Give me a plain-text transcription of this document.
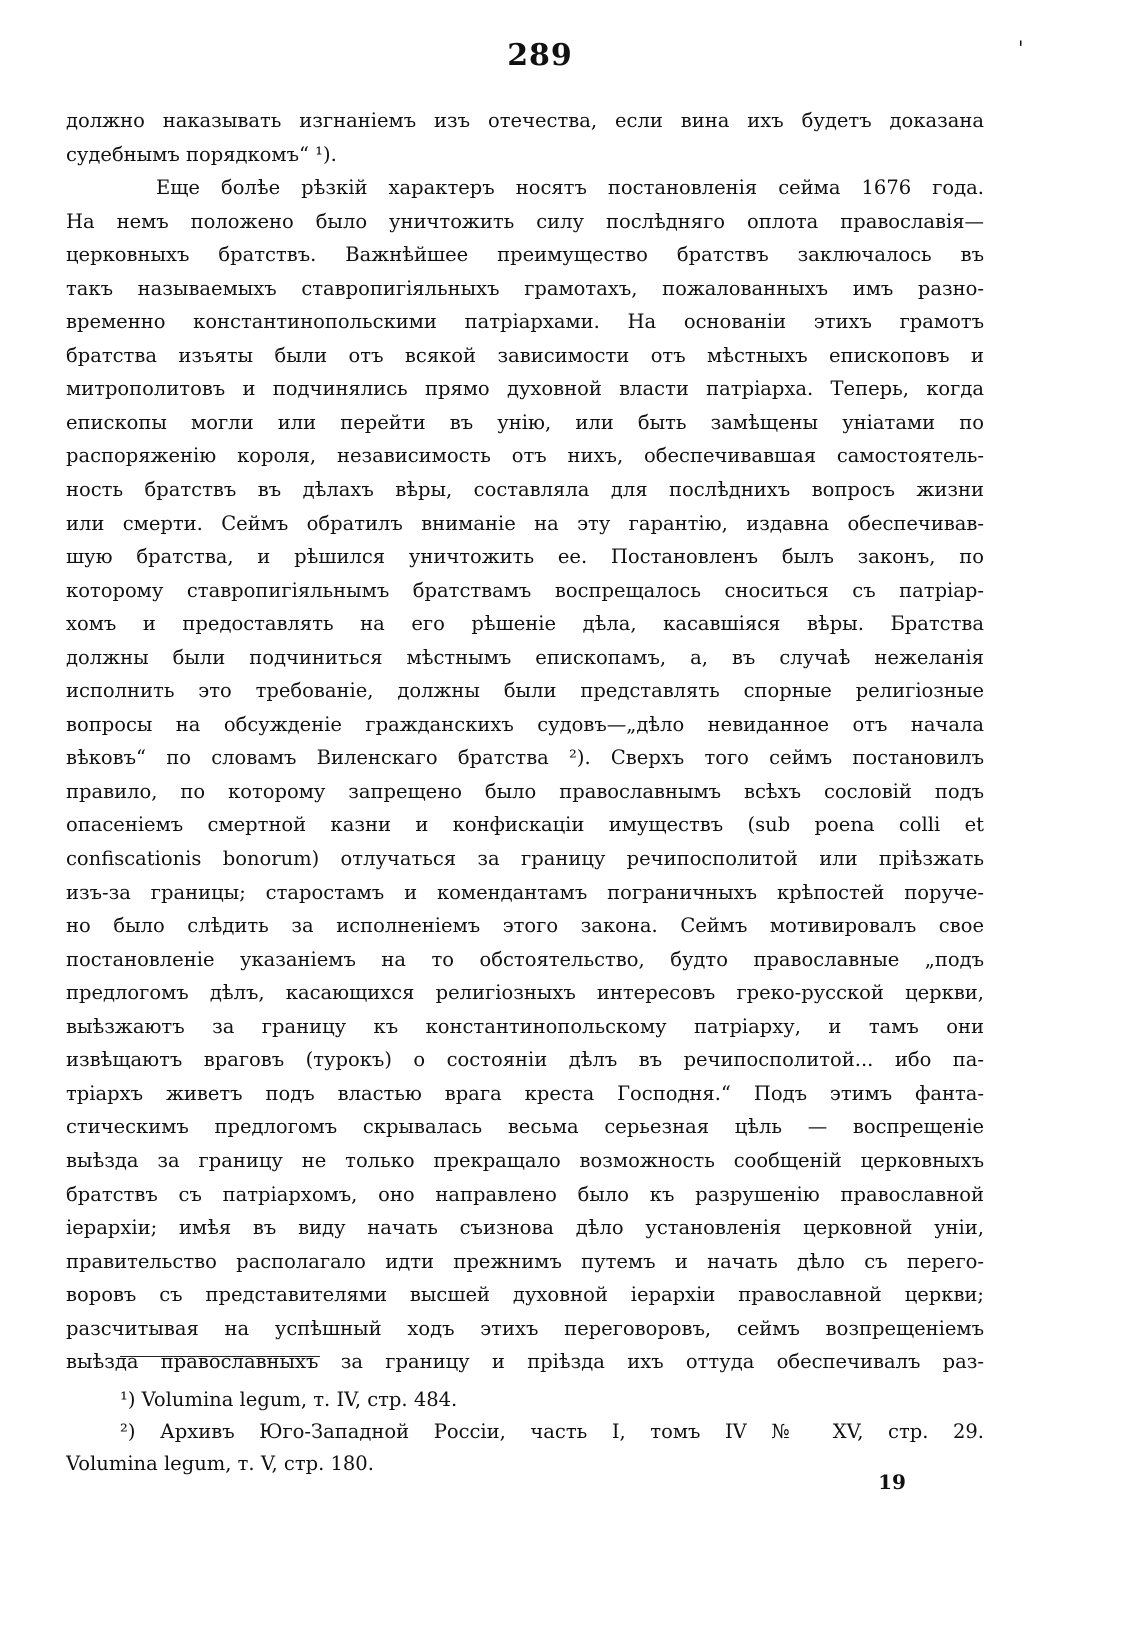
289	'
должно наказывать изгнаніемъ изъ отечества, если вина ихъ будетъ доказана
судебнымъ порядкомъ“ ¹).
Еще болѣе рѣзкій характеръ носятъ постановленія сейма 1676 года.
На немъ положено было уничтожить силу послѣдняго оплота православія—
церковныхъ братствъ. Важнѣйшее преимущество братствъ заключалось въ
такъ называемыхъ ставропигіяльныхъ грамотахъ, пожалованныхъ имъ разно-
временно константинопольскими патріархами. На основаніи этихъ грамотъ
братства изъяты были отъ всякой зависимости отъ мѣстныхъ епископовъ и
митрополитовъ и подчинялись прямо духовной власти патріарха. Теперь, когда
епископы могли или перейти въ унію, или быть замѣщены уніатами по
распоряженію короля, независимость отъ нихъ, обеспечивавшая самостоятель-
ность братствъ въ дѣлахъ вѣры, составляла для послѣднихъ вопросъ жизни
или смерти. Сеймъ обратилъ вниманіе на эту гарантію, издавна обеспечивав-
шую братства, и рѣшился уничтожить ее. Постановленъ былъ законъ, по
которому ставропигіяльнымъ братствамъ воспрещалось сноситься съ патріар-
хомъ и предоставлять на его рѣшеніе дѣла, касавшіяся вѣры. Братства
должны были подчиниться мѣстнымъ епископамъ, а, въ случаѣ нежеланія
исполнить это требованіе, должны были представлять спорные религіозные
вопросы на обсужденіе гражданскихъ судовъ—„дѣло невиданное отъ начала
вѣковъ“ по словамъ Виленскаго братства ²). Сверхъ того сеймъ постановилъ
правило, по которому запрещено было православнымъ всѣхъ сословій подъ
опасеніемъ смертной казни и конфискаціи имуществъ (sub poena colli et
confiscationis bonorum) отлучаться за границу речипосполитой или пріѣзжать
изъ-за границы; старостамъ и комендантамъ пограничныхъ крѣпостей поруче-
но было слѣдить за исполненіемъ этого закона. Сеймъ мотивировалъ свое
постановленіе указаніемъ на то обстоятельство, будто православные „подъ
предлогомъ дѣлъ, касающихся религіозныхъ интересовъ греко-русской церкви,
выѣзжаютъ за границу къ константинопольскому патріарху, и тамъ они
извѣщаютъ враговъ (турокъ) о состояніи дѣлъ въ речипосполитой... ибо па-
тріархъ живетъ подъ властью врага креста Господня.“ Подъ этимъ фанта-
стическимъ предлогомъ скрывалась весьма серьезная цѣль — воспрещеніе
выѣзда за границу не только прекращало возможность сообщеній церковныхъ
братствъ съ патріархомъ, оно направлено было къ разрушенію православной
іерархіи; имѣя въ виду начать съизнова дѣло установленія церковной уніи,
правительство располагало идти прежнимъ путемъ и начать дѣло съ перего-
воровъ съ представителями высшей духовной іерархіи православной церкви;
разсчитывая на успѣшный ходъ этихъ переговоровъ, сеймъ возпрещеніемъ
выѣзда православныхъ за границу и пріѣзда ихъ оттуда обеспечивалъ раз-
¹) Volumina legum, т. IV, стр. 484.
²) Архивъ Юго-Западной Россіи, часть I, томъ IV № XV, стр. 29.
Volumina legum, т. V, стр. 180.
19
